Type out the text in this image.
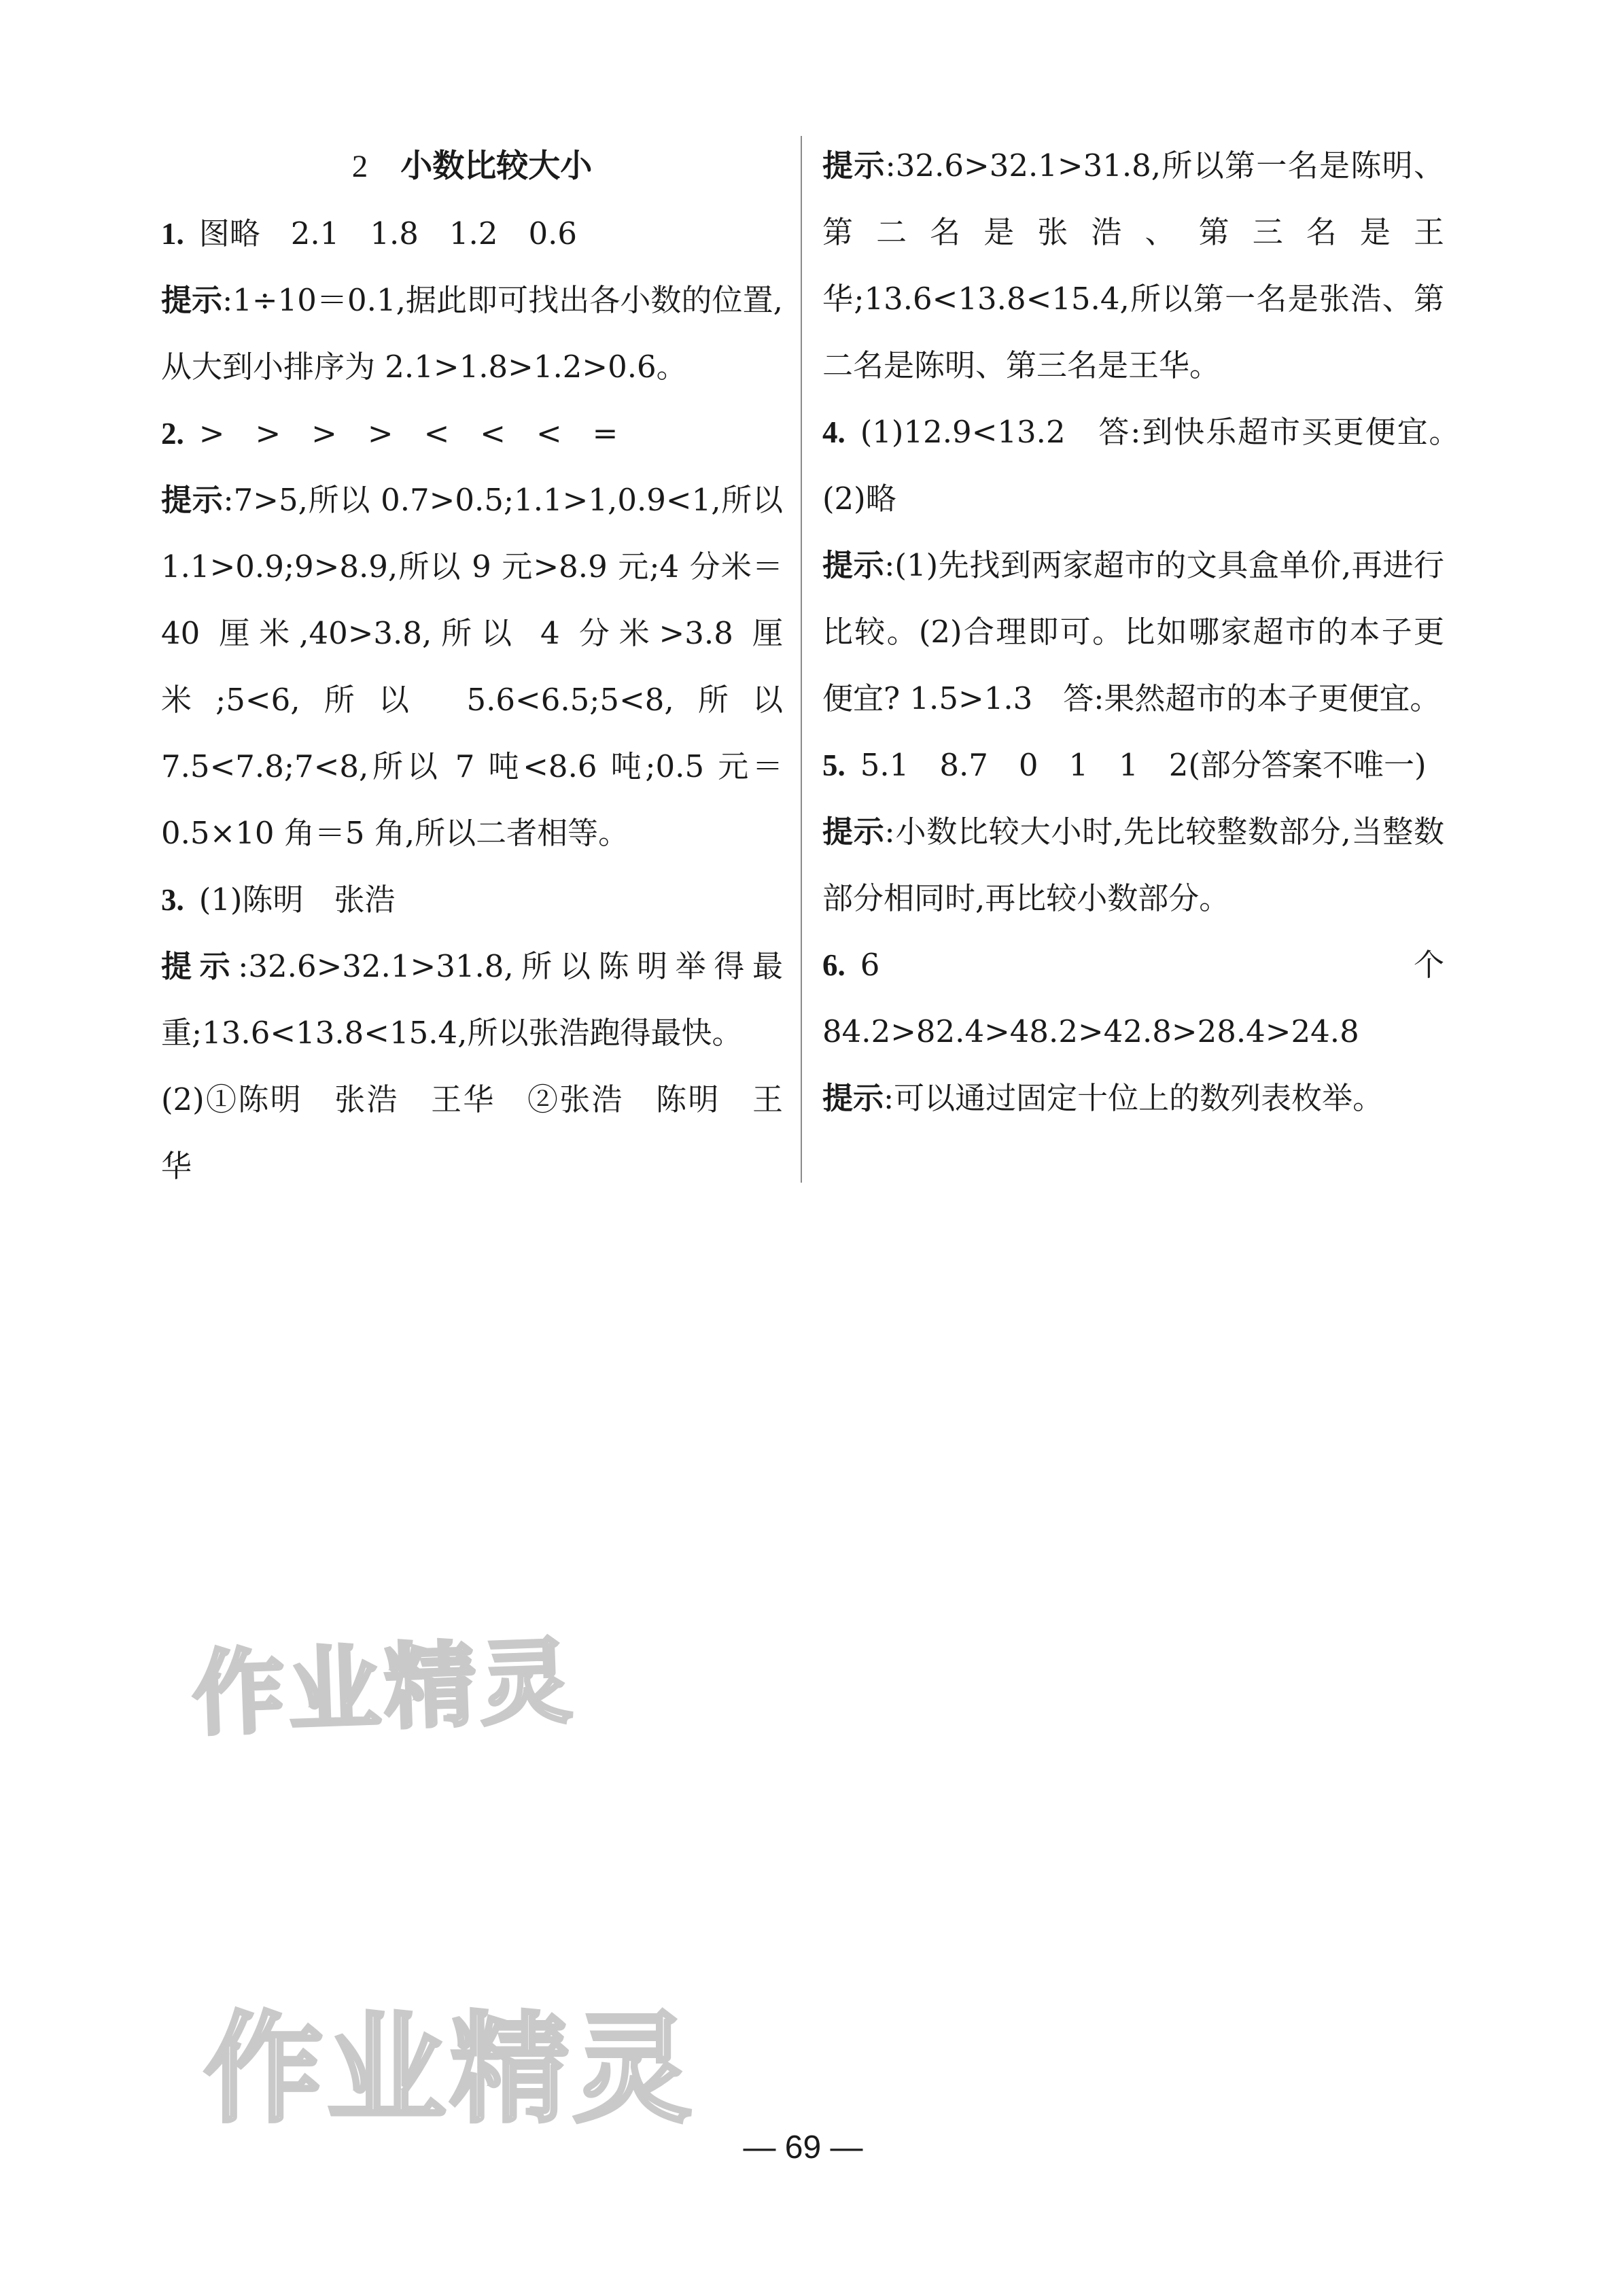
2 小数比较大小

1. 图略　2.1　1.8　1.2　0.6

提示:1÷10＝0.1,据此即可找出各小数的位置,从大到小排序为 2.1>1.8>1.2>0.6。

2. >　>　>　>　<　<　<　=

提示:7>5,所以 0.7>0.5;1.1>1,0.9<1,所以 1.1>0.9;9>8.9,所以 9 元>8.9 元;4 分米＝40 厘米,40>3.8,所以 4 分米>3.8 厘米;5<6,所以 5.6<6.5;5<8,所以7.5<7.8;7<8,所以 7 吨<8.6 吨;0.5 元＝0.5×10 角＝5 角,所以二者相等。

3. (1)陈明　张浩

提示:32.6>32.1>31.8,所以陈明举得最重;13.6<13.8<15.4,所以张浩跑得最快。

(2)①陈明　张浩　王华　②张浩　陈明　王华

提示:32.6>32.1>31.8,所以第一名是陈明、第二名是张浩、第三名是王华;13.6<13.8<15.4,所以第一名是张浩、第二名是陈明、第三名是王华。

4. (1)12.9<13.2　答:到快乐超市买更便宜。　(2)略

提示:(1)先找到两家超市的文具盒单价,再进行比较。(2)合理即可。比如哪家超市的本子更便宜? 1.5>1.3　答:果然超市的本子更便宜。

5. 5.1　8.7　0　1　1　2(部分答案不唯一)

提示:小数比较大小时,先比较整数部分,当整数部分相同时,再比较小数部分。

6. 6 个　84.2>82.4>48.2>42.8>28.4>24.8

提示:可以通过固定十位上的数列表枚举。

作业精灵
作业精灵
— 69 —
